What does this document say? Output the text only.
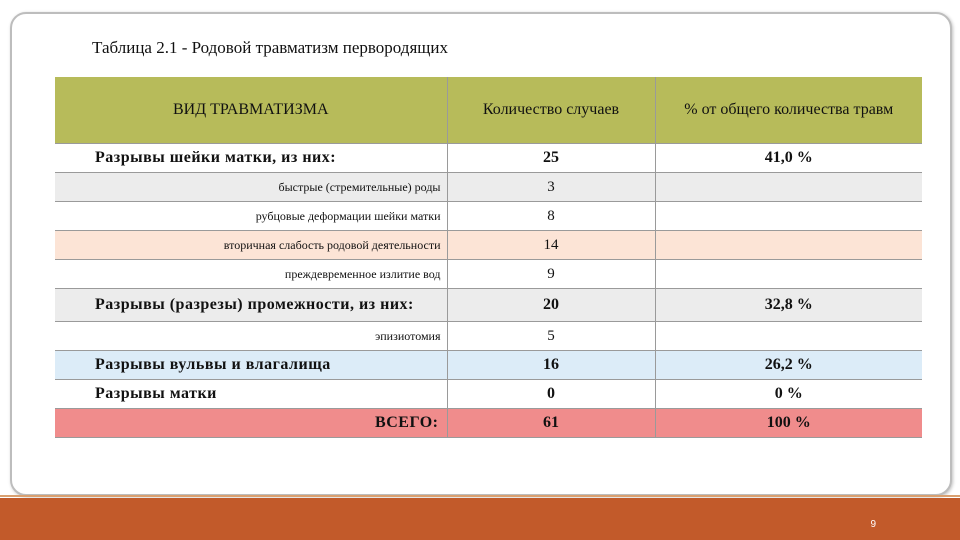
Таблица 2.1 - Родовой травматизм первородящих
ВИД ТРАВМАТИЗМА	Количество случаев	% от общего количества травм
Разрывы шейки матки, из них:	25	41,0 %
быстрые (стремительные) роды	3	
рубцовые деформации шейки матки	8	
вторичная слабость родовой деятельности	14	
преждевременное излитие вод	9	
Разрывы (разрезы) промежности, из них:	20	32,8 %
эпизиотомия	5	
Разрывы вульвы и влагалища	16	26,2 %
Разрывы матки	0	0 %
ВСЕГО:	61	100 %
9
